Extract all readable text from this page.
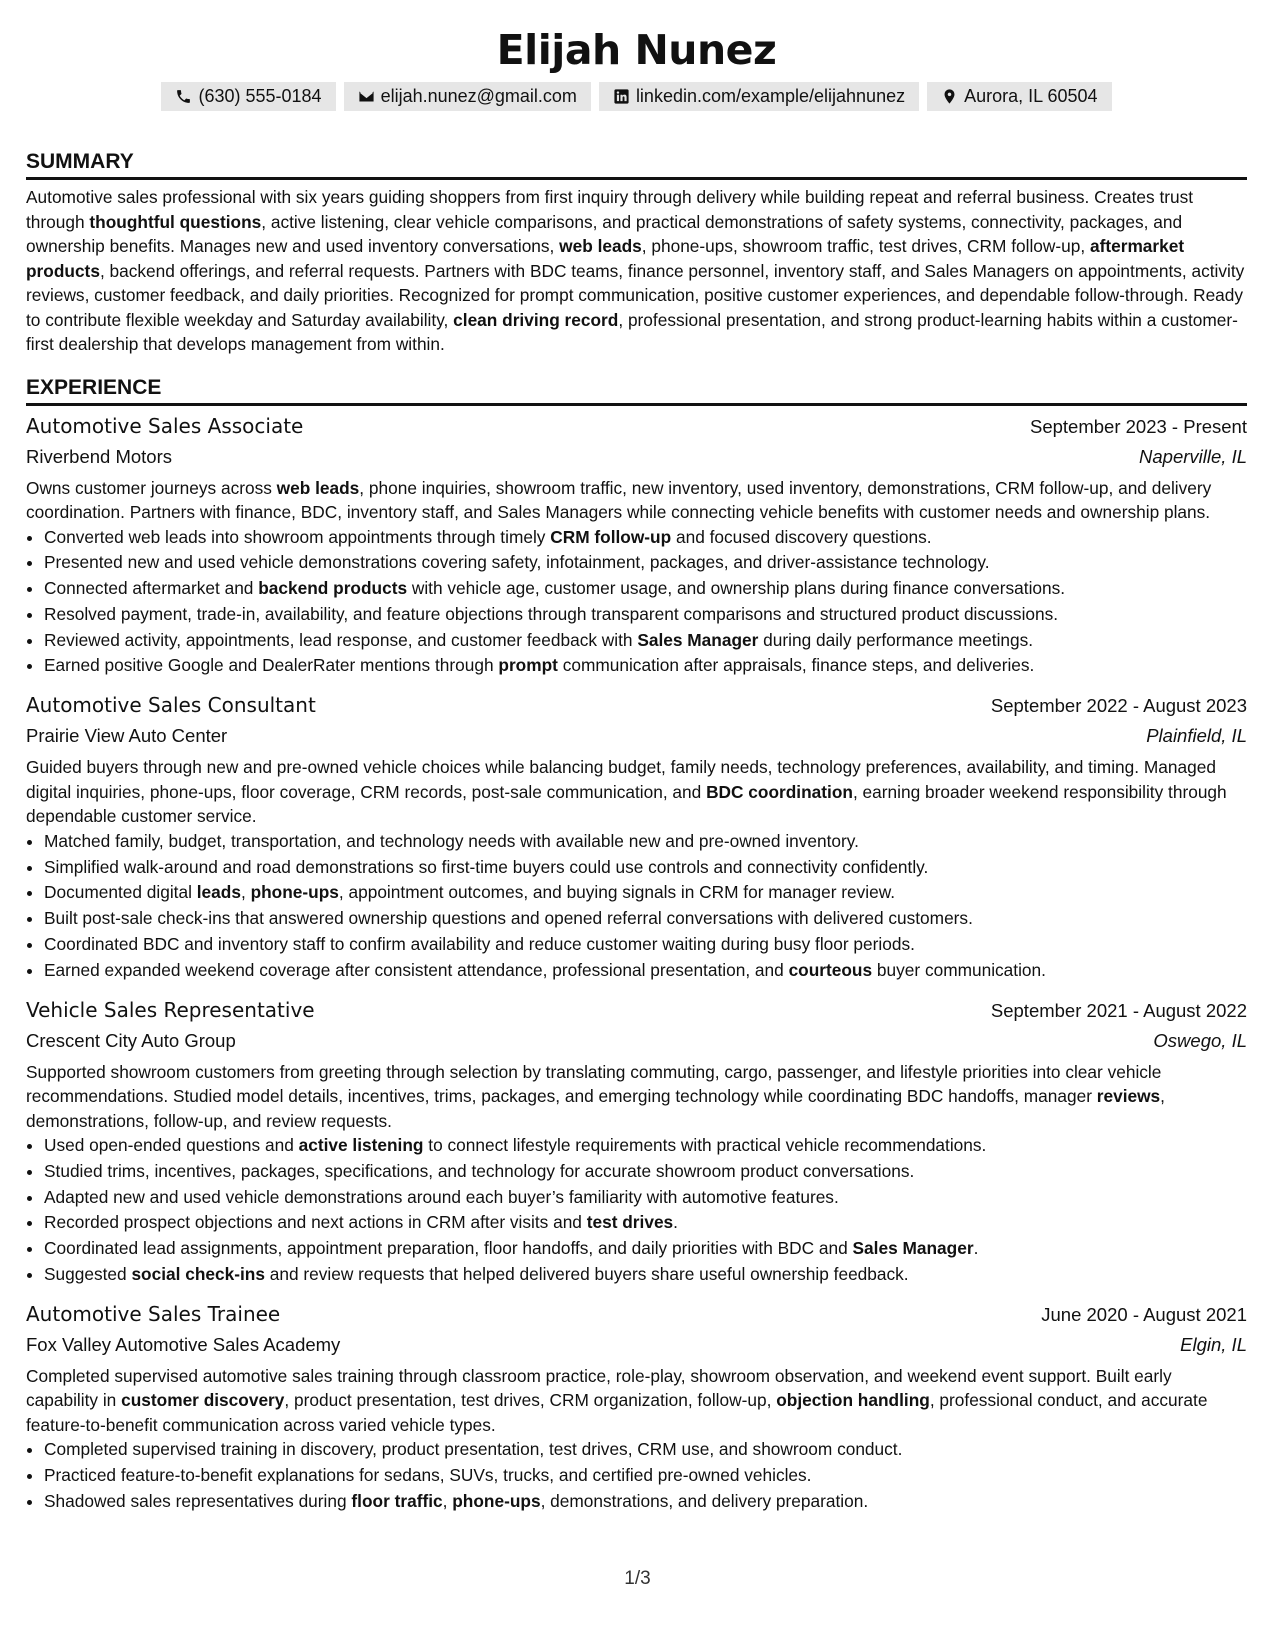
Elijah Nunez
(630) 555-0184	elijah.nunez@gmail.com	linkedin.com/example/elijahnunez	Aurora, IL 60504
SUMMARY

Automotive sales professional with six years guiding shoppers from first inquiry through delivery while building repeat and referral business. Creates trust through thoughtful questions, active listening, clear vehicle comparisons, and practical demonstrations of safety systems, connectivity, packages, and ownership benefits. Manages new and used inventory conversations, web leads, phone-ups, showroom traffic, test drives, CRM follow-up, aftermarket products, backend offerings, and referral requests. Partners with BDC teams, finance personnel, inventory staff, and Sales Managers on appointments, activity reviews, customer feedback, and daily priorities. Recognized for prompt communication, positive customer experiences, and dependable follow-through. Ready to contribute flexible weekday and Saturday availability, clean driving record, professional presentation, and strong product-learning habits within a customer-first dealership that develops management from within.

EXPERIENCE
Automotive Sales Associate	September 2023 - Present
Riverbend Motors	Naperville, IL

Owns customer journeys across web leads, phone inquiries, showroom traffic, new inventory, used inventory, demonstrations, CRM follow-up, and delivery coordination. Partners with finance, BDC, inventory staff, and Sales Managers while connecting vehicle benefits with customer needs and ownership plans.

• Converted web leads into showroom appointments through timely CRM follow-up and focused discovery questions.
• Presented new and used vehicle demonstrations covering safety, infotainment, packages, and driver-assistance technology.
• Connected aftermarket and backend products with vehicle age, customer usage, and ownership plans during finance conversations.
• Resolved payment, trade-in, availability, and feature objections through transparent comparisons and structured product discussions.
• Reviewed activity, appointments, lead response, and customer feedback with Sales Manager during daily performance meetings.
• Earned positive Google and DealerRater mentions through prompt communication after appraisals, finance steps, and deliveries.
Automotive Sales Consultant	September 2022 - August 2023
Prairie View Auto Center	Plainfield, IL

Guided buyers through new and pre-owned vehicle choices while balancing budget, family needs, technology preferences, availability, and timing. Managed digital inquiries, phone-ups, floor coverage, CRM records, post-sale communication, and BDC coordination, earning broader weekend responsibility through dependable customer service.

• Matched family, budget, transportation, and technology needs with available new and pre-owned inventory.
• Simplified walk-around and road demonstrations so first-time buyers could use controls and connectivity confidently.
• Documented digital leads, phone-ups, appointment outcomes, and buying signals in CRM for manager review.
• Built post-sale check-ins that answered ownership questions and opened referral conversations with delivered customers.
• Coordinated BDC and inventory staff to confirm availability and reduce customer waiting during busy floor periods.
• Earned expanded weekend coverage after consistent attendance, professional presentation, and courteous buyer communication.
Vehicle Sales Representative	September 2021 - August 2022
Crescent City Auto Group	Oswego, IL

Supported showroom customers from greeting through selection by translating commuting, cargo, passenger, and lifestyle priorities into clear vehicle recommendations. Studied model details, incentives, trims, packages, and emerging technology while coordinating BDC handoffs, manager reviews, demonstrations, follow-up, and review requests.

• Used open-ended questions and active listening to connect lifestyle requirements with practical vehicle recommendations.
• Studied trims, incentives, packages, specifications, and technology for accurate showroom product conversations.
• Adapted new and used vehicle demonstrations around each buyer’s familiarity with automotive features.
• Recorded prospect objections and next actions in CRM after visits and test drives.
• Coordinated lead assignments, appointment preparation, floor handoffs, and daily priorities with BDC and Sales Manager.
• Suggested social check-ins and review requests that helped delivered buyers share useful ownership feedback.
Automotive Sales Trainee	June 2020 - August 2021
Fox Valley Automotive Sales Academy	Elgin, IL

Completed supervised automotive sales training through classroom practice, role-play, showroom observation, and weekend event support. Built early capability in customer discovery, product presentation, test drives, CRM organization, follow-up, objection handling, professional conduct, and accurate feature-to-benefit communication across varied vehicle types.

• Completed supervised training in discovery, product presentation, test drives, CRM use, and showroom conduct.
• Practiced feature-to-benefit explanations for sedans, SUVs, trucks, and certified pre-owned vehicles.
• Shadowed sales representatives during floor traffic, phone-ups, demonstrations, and delivery preparation.
1/3
